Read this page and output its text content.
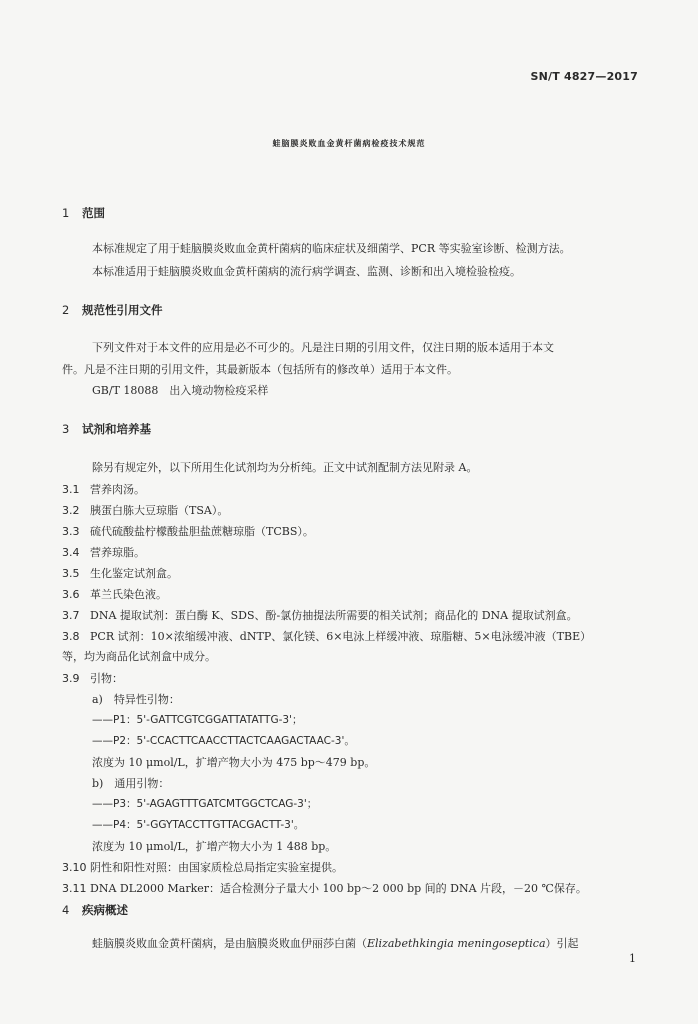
SN/T 4827—2017
蛙脑膜炎败血金黄杆菌病检疫技术规范
1 范围
本标准规定了用于蛙脑膜炎败血金黄杆菌病的临床症状及细菌学、PCR 等实验室诊断、检测方法。
本标准适用于蛙脑膜炎败血金黄杆菌病的流行病学调查、监测、诊断和出入境检验检疫。
2 规范性引用文件
下列文件对于本文件的应用是必不可少的。凡是注日期的引用文件，仅注日期的版本适用于本文
件。凡是不注日期的引用文件，其最新版本（包括所有的修改单）适用于本文件。
GB/T 18088　出入境动物检疫采样
3 试剂和培养基
除另有规定外，以下所用生化试剂均为分析纯。正文中试剂配制方法见附录 A。
3.1 营养肉汤。
3.2 胰蛋白胨大豆琼脂（TSA）。
3.3 硫代硫酸盐柠檬酸盐胆盐蔗糖琼脂（TCBS）。
3.4 营养琼脂。
3.5 生化鉴定试剂盒。
3.6 革兰氏染色液。
3.7 DNA 提取试剂：蛋白酶 K、SDS、酚-氯仿抽提法所需要的相关试剂；商品化的 DNA 提取试剂盒。
3.8 PCR 试剂：10×浓缩缓冲液、dNTP、氯化镁、6×电泳上样缓冲液、琼脂糖、5×电泳缓冲液（TBE）
等，均为商品化试剂盒中成分。
3.9 引物：
a)　特异性引物：
——P1：5'-GATTCGTCGGATTATATTG-3'；
——P2：5'-CCACTTCAACCTTACTCAAGACTAAC-3'。
浓度为 10 μmol/L，扩增产物大小为 475 bp～479 bp。
b)　通用引物：
——P3：5'-AGAGTTTGATCMTGGCTCAG-3'；
——P4：5'-GGYTACCTTGTTACGACTT-3'。
浓度为 10 μmol/L，扩增产物大小为 1 488 bp。
3.10 阴性和阳性对照：由国家质检总局指定实验室提供。
3.11 DNA DL2000 Marker：适合检测分子量大小 100 bp～2 000 bp 间的 DNA 片段，－20 ℃保存。
4 疾病概述
蛙脑膜炎败血金黄杆菌病，是由脑膜炎败血伊丽莎白菌（Elizabethkingia meningoseptica）引起
1
